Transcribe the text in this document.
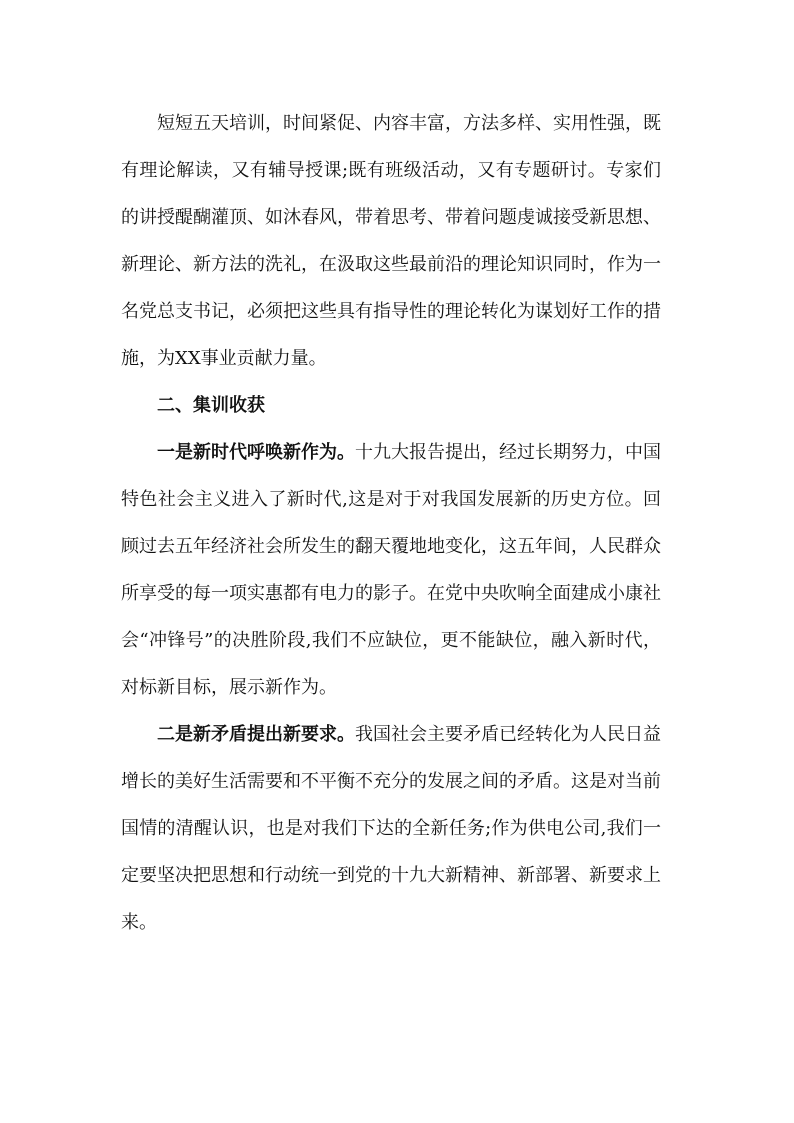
短短五天培训，时间紧促、内容丰富，方法多样、实用性强，既有理论解读，又有辅导授课;既有班级活动，又有专题研讨。专家们的讲授醍醐灌顶、如沐春风，带着思考、带着问题虔诚接受新思想、新理论、新方法的洗礼，在汲取这些最前沿的理论知识同时，作为一名党总支书记，必须把这些具有指导性的理论转化为谋划好工作的措施，为XX事业贡献力量。

二、集训收获

一是新时代呼唤新作为。十九大报告提出，经过长期努力，中国特色社会主义进入了新时代,这是对于对我国发展新的历史方位。回顾过去五年经济社会所发生的翻天覆地地变化，这五年间，人民群众所享受的每一项实惠都有电力的影子。在党中央吹响全面建成小康社会“冲锋号”的决胜阶段,我们不应缺位，更不能缺位，融入新时代，对标新目标，展示新作为。

二是新矛盾提出新要求。我国社会主要矛盾已经转化为人民日益增长的美好生活需要和不平衡不充分的发展之间的矛盾。这是对当前国情的清醒认识，也是对我们下达的全新任务;作为供电公司,我们一定要坚决把思想和行动统一到党的十九大新精神、新部署、新要求上来。
